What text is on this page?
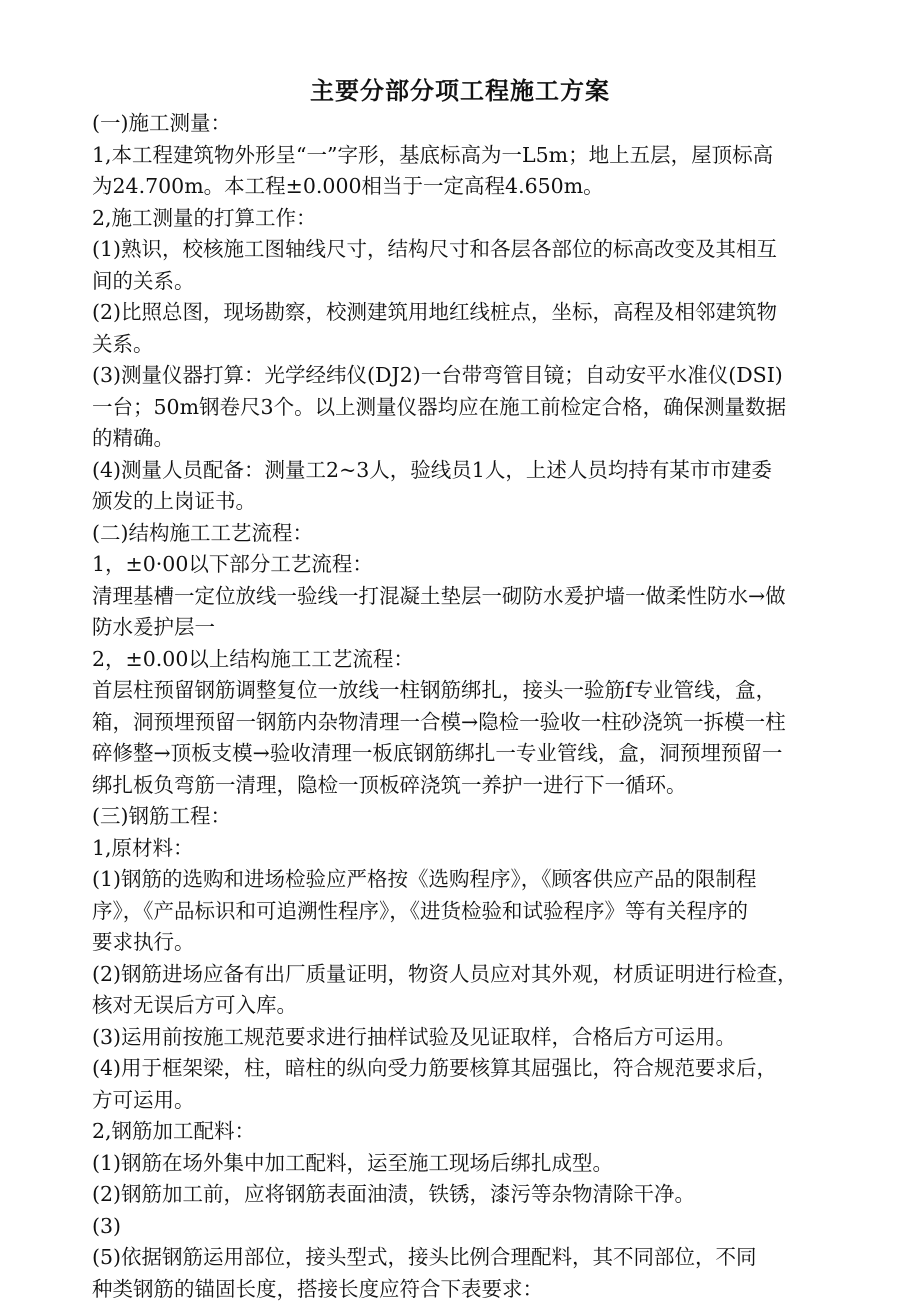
主要分部分项工程施工方案

(一)施工测量：

1,本工程建筑物外形呈“一”字形，基底标高为一L5m；地上五层，屋顶标高

为24.700m。本工程±0.000相当于一定高程4.650m。

2,施工测量的打算工作：

(1)熟识，校核施工图轴线尺寸，结构尺寸和各层各部位的标高改变及其相互

间的关系。

(2)比照总图，现场勘察，校测建筑用地红线桩点，坐标，高程及相邻建筑物

关系。

(3)测量仪器打算：光学经纬仪(DJ2)一台带弯管目镜；自动安平水准仪(DSI)

一台；50m钢卷尺3个。以上测量仪器均应在施工前检定合格，确保测量数据

的精确。

(4)测量人员配备：测量工2~3人，验线员1人，上述人员均持有某市市建委

颁发的上岗证书。

(二)结构施工工艺流程：

1，±0·00以下部分工艺流程：

清理基槽一定位放线一验线一打混凝土垫层一砌防水爰护墙一做柔性防水→做

防水爰护层一

2，±0.00以上结构施工工艺流程：

首层柱预留钢筋调整复位一放线一柱钢筋绑扎，接头一验筋f专业管线，盒，

箱，洞预埋预留一钢筋内杂物清理一合模→隐检一验收一柱砂浇筑一拆模一柱

碎修整→顶板支模→验收清理一板底钢筋绑扎一专业管线，盒，洞预埋预留一

绑扎板负弯筋一清理，隐检一顶板碎浇筑一养护一进行下一循环。

(三)钢筋工程：

1,原材料：

(1)钢筋的选购和进场检验应严格按《选购程序》，《顾客供应产品的限制程

序》，《产品标识和可追溯性程序》，《进货检验和试验程序》等有关程序的

要求执行。

(2)钢筋进场应备有出厂质量证明，物资人员应对其外观，材质证明进行检查，

核对无误后方可入库。

(3)运用前按施工规范要求进行抽样试验及见证取样，合格后方可运用。

(4)用于框架梁，柱，暗柱的纵向受力筋要核算其屈强比，符合规范要求后，

方可运用。

2,钢筋加工配料：

(1)钢筋在场外集中加工配料，运至施工现场后绑扎成型。

(2)钢筋加工前，应将钢筋表面油渍，铁锈，漆污等杂物清除干净。

(3)

(5)依据钢筋运用部位，接头型式，接头比例合理配料，其不同部位，不同

种类钢筋的锚固长度，搭接长度应符合下表要求：
